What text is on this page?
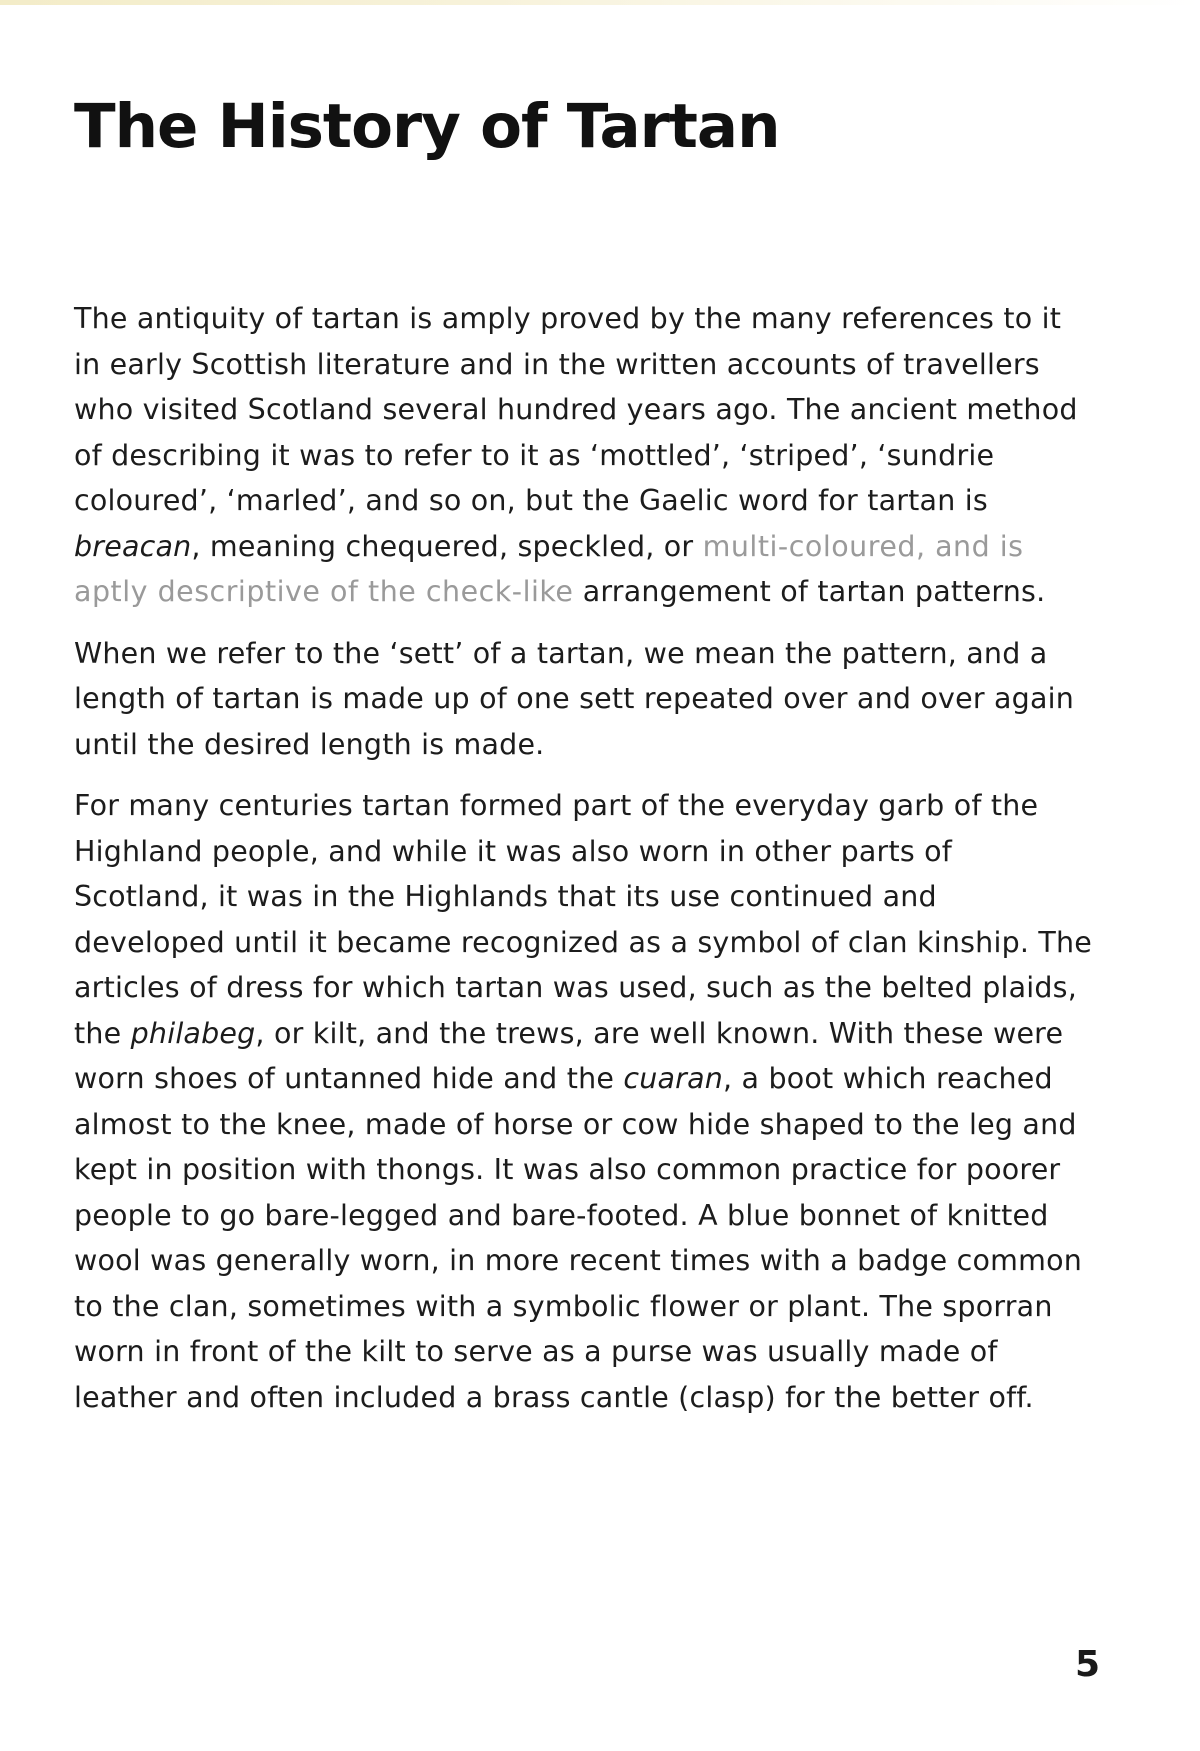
The History of Tartan

The antiquity of tartan is amply proved by the many references to it in early Scottish literature and in the written accounts of travellers who visited Scotland several hundred years ago. The ancient method of describing it was to refer to it as ‘mottled’, ‘striped’, ‘sundrie coloured’, ‘marled’, and so on, but the Gaelic word for tartan is breacan, meaning chequered, speckled, or multi-coloured, and is aptly descriptive of the check-like arrangement of tartan patterns.

When we refer to the ‘sett’ of a tartan, we mean the pattern, and a length of tartan is made up of one sett repeated over and over again until the desired length is made.

For many centuries tartan formed part of the everyday garb of the Highland people, and while it was also worn in other parts of Scotland, it was in the Highlands that its use continued and developed until it became recognized as a symbol of clan kinship. The articles of dress for which tartan was used, such as the belted plaids, the philabeg, or kilt, and the trews, are well known. With these were worn shoes of untanned hide and the cuaran, a boot which reached almost to the knee, made of horse or cow hide shaped to the leg and kept in position with thongs. It was also common practice for poorer people to go bare-legged and bare-footed. A blue bonnet of knitted wool was generally worn, in more recent times with a badge common to the clan, sometimes with a symbolic flower or plant. The sporran worn in front of the kilt to serve as a purse was usually made of leather and often included a brass cantle (clasp) for the better off.

5
